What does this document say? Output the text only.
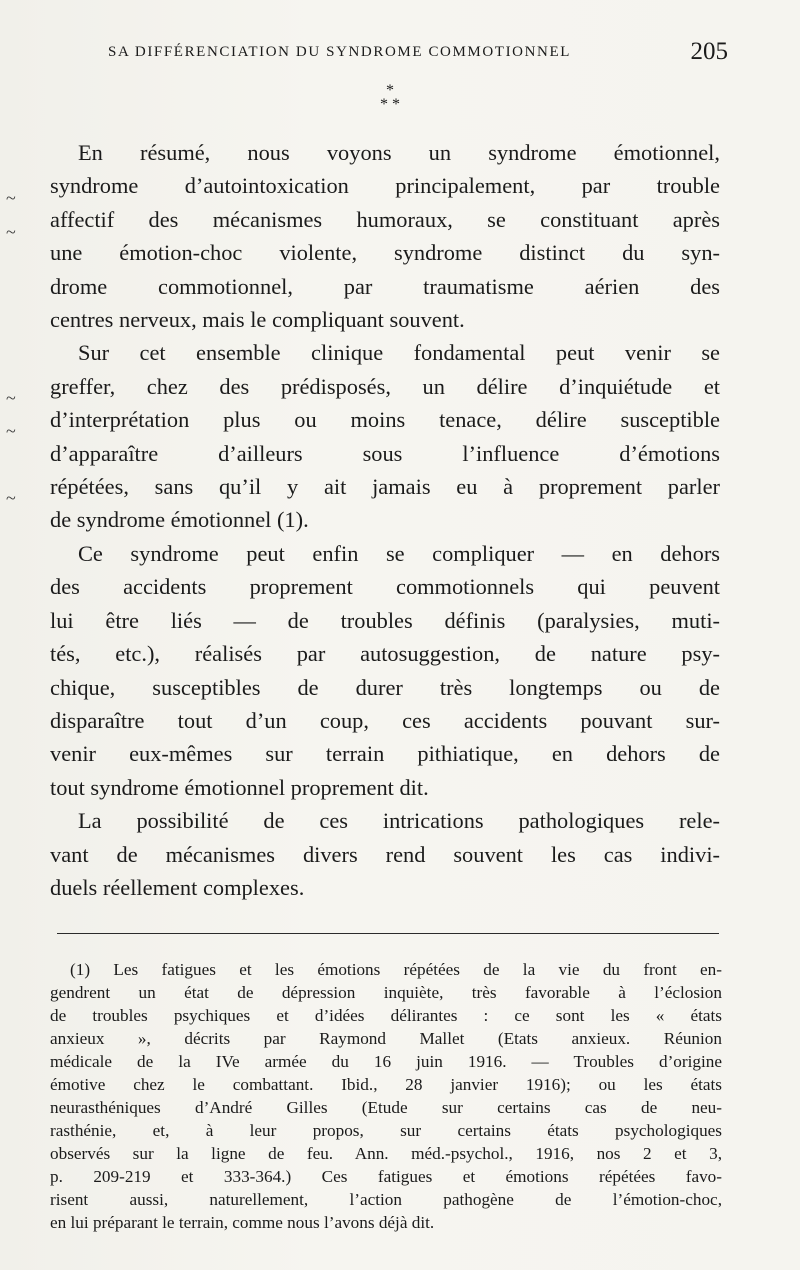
SA DIFFÉRENCIATION DU SYNDROME COMMOTIONNEL	205
*
* *
~
~
~
~
~
En résumé, nous voyons un syndrome émotionnel,
syndrome d’autointoxication principalement, par trouble
affectif des mécanismes humoraux, se constituant après
une émotion-choc violente, syndrome distinct du syn-
drome commotionnel, par traumatisme aérien des
centres nerveux, mais le compliquant souvent.
Sur cet ensemble clinique fondamental peut venir se
greffer, chez des prédisposés, un délire d’inquiétude et
d’interprétation plus ou moins tenace, délire susceptible
d’apparaître d’ailleurs sous l’influence d’émotions
répétées, sans qu’il y ait jamais eu à proprement parler
de syndrome émotionnel (1).
Ce syndrome peut enfin se compliquer — en dehors
des accidents proprement commotionnels qui peuvent
lui être liés — de troubles définis (paralysies, muti-
tés, etc.), réalisés par autosuggestion, de nature psy-
chique, susceptibles de durer très longtemps ou de
disparaître tout d’un coup, ces accidents pouvant sur-
venir eux-mêmes sur terrain pithiatique, en dehors de
tout syndrome émotionnel proprement dit.
La possibilité de ces intrications pathologiques rele-
vant de mécanismes divers rend souvent les cas indivi-
duels réellement complexes.
(1) Les fatigues et les émotions répétées de la vie du front en-
gendrent un état de dépression inquiète, très favorable à l’éclosion
de troubles psychiques et d’idées délirantes : ce sont les « états
anxieux », décrits par Raymond Mallet (Etats anxieux. Réunion
médicale de la IVe armée du 16 juin 1916. — Troubles d’origine
émotive chez le combattant. Ibid., 28 janvier 1916); ou les états
neurasthéniques d’André Gilles (Etude sur certains cas de neu-
rasthénie, et, à leur propos, sur certains états psychologiques
observés sur la ligne de feu. Ann. méd.-psychol., 1916, nos 2 et 3,
p. 209-219 et 333-364.) Ces fatigues et émotions répétées favo-
risent aussi, naturellement, l’action pathogène de l’émotion-choc,
en lui préparant le terrain, comme nous l’avons déjà dit.
